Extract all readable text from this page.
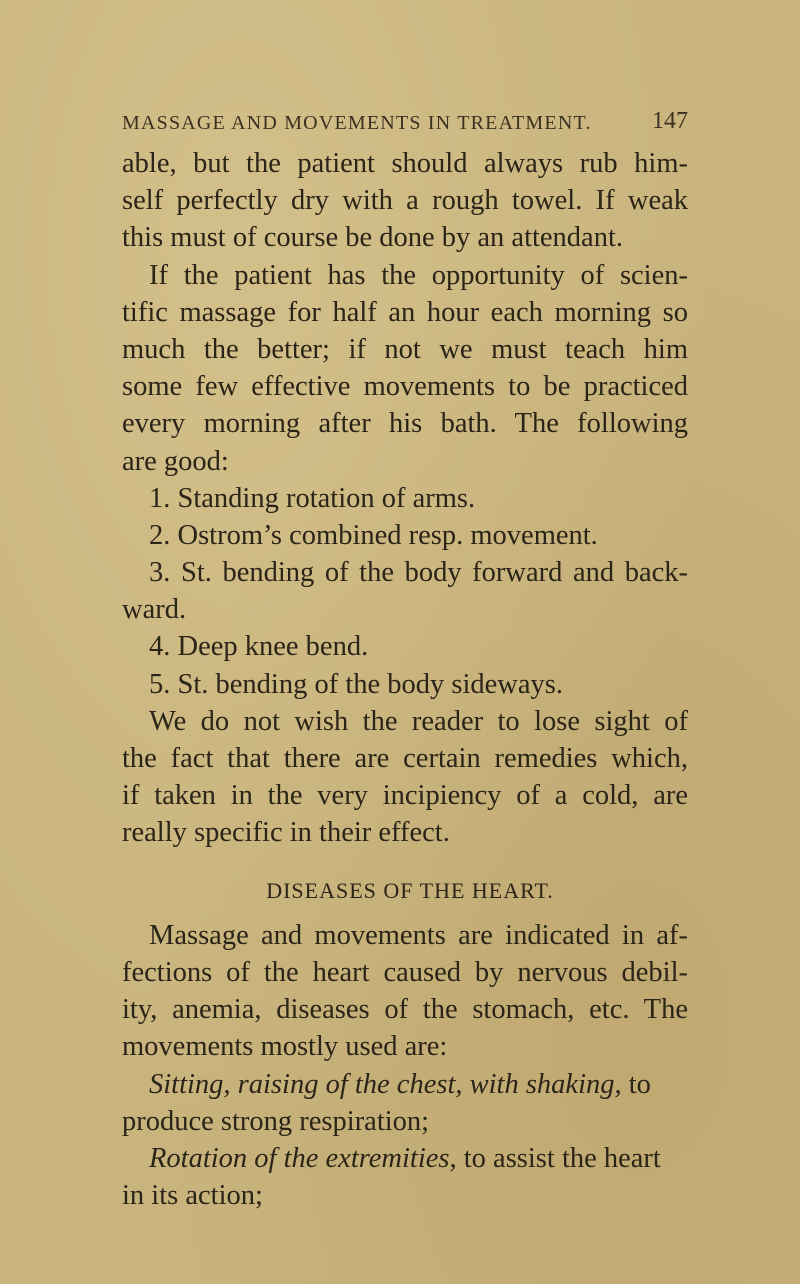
MASSAGE AND MOVEMENTS IN TREATMENT.	147
able, but the patient should always rub him-
self perfectly dry with a rough towel. If weak
this must of course be done by an attendant.
If the patient has the opportunity of scien-
tific massage for half an hour each morning so
much the better; if not we must teach him
some few effective movements to be practiced
every morning after his bath. The following
are good:
1. Standing rotation of arms.
2. Ostrom’s combined resp. movement.
3. St. bending of the body forward and back-
ward.
4. Deep knee bend.
5. St. bending of the body sideways.
We do not wish the reader to lose sight of
the fact that there are certain remedies which,
if taken in the very incipiency of a cold, are
really specific in their effect.
DISEASES OF THE HEART.
Massage and movements are indicated in af-
fections of the heart caused by nervous debil-
ity, anemia, diseases of the stomach, etc. The
movements mostly used are:
Sitting, raising of the chest, with shaking, to
produce strong respiration;
Rotation of the extremities, to assist the heart
in its action;
